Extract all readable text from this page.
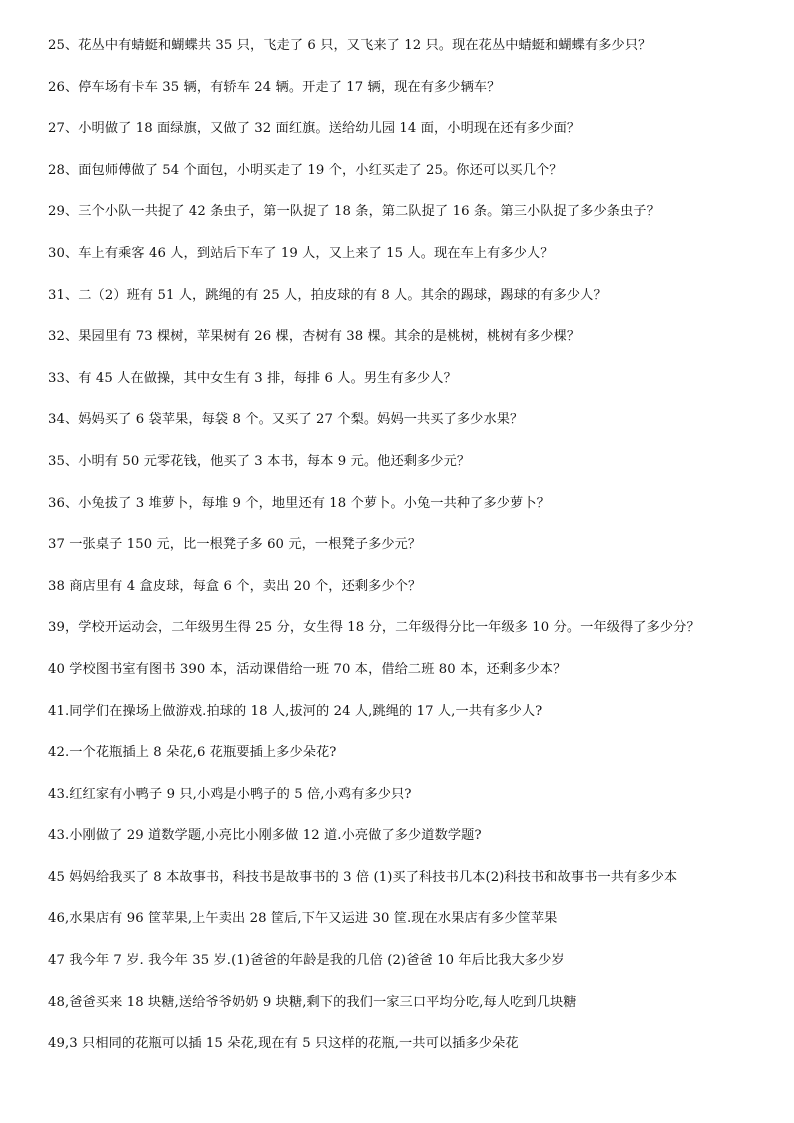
25、花丛中有蜻蜓和蝴蝶共 35 只，飞走了 6 只，又飞来了 12 只。现在花丛中蜻蜓和蝴蝶有多少只？
26、停车场有卡车 35 辆，有轿车 24 辆。开走了 17 辆，现在有多少辆车？
27、小明做了 18 面绿旗，又做了 32 面红旗。送给幼儿园 14 面，小明现在还有多少面？
28、面包师傅做了 54 个面包，小明买走了 19 个，小红买走了 25。你还可以买几个？
29、三个小队一共捉了 42 条虫子，第一队捉了 18 条，第二队捉了 16 条。第三小队捉了多少条虫子？
30、车上有乘客 46 人，到站后下车了 19 人，又上来了 15 人。现在车上有多少人？
31、二（2）班有 51 人，跳绳的有 25 人，拍皮球的有 8 人。其余的踢球，踢球的有多少人？
32、果园里有 73 棵树，苹果树有 26 棵，杏树有 38 棵。其余的是桃树，桃树有多少棵？
33、有 45 人在做操，其中女生有 3 排，每排 6 人。男生有多少人？
34、妈妈买了 6 袋苹果，每袋 8 个。又买了 27 个梨。妈妈一共买了多少水果？
35、小明有 50 元零花钱，他买了 3 本书，每本 9 元。他还剩多少元？
36、小兔拔了 3 堆萝卜，每堆 9 个，地里还有 18 个萝卜。小兔一共种了多少萝卜？
37 一张桌子 150 元，比一根凳子多 60 元，一根凳子多少元？
38 商店里有 4 盒皮球，每盒 6 个，卖出 20 个，还剩多少个？
39，学校开运动会，二年级男生得 25 分，女生得 18 分，二年级得分比一年级多 10 分。一年级得了多少分？
40 学校图书室有图书 390 本，活动课借给一班 70 本，借给二班 80 本，还剩多少本？
41.同学们在操场上做游戏.拍球的 18 人,拔河的 24 人,跳绳的 17 人,一共有多少人?
42.一个花瓶插上 8 朵花,6 花瓶要插上多少朵花?
43.红红家有小鸭子 9 只,小鸡是小鸭子的 5 倍,小鸡有多少只?
43.小刚做了 29 道数学题,小亮比小刚多做 12 道.小亮做了多少道数学题?
45 妈妈给我买了 8 本故事书，科技书是故事书的 3 倍 (1)买了科技书几本(2)科技书和故事书一共有多少本
46,水果店有 96 筐苹果,上午卖出 28 筐后,下午又运进 30 筐.现在水果店有多少筐苹果
47 我今年 7 岁. 我今年 35 岁.(1)爸爸的年龄是我的几倍 (2)爸爸 10 年后比我大多少岁
48,爸爸买来 18 块糖,送给爷爷奶奶 9 块糖,剩下的我们一家三口平均分吃,每人吃到几块糖
49,3 只相同的花瓶可以插 15 朵花,现在有 5 只这样的花瓶,一共可以插多少朵花
